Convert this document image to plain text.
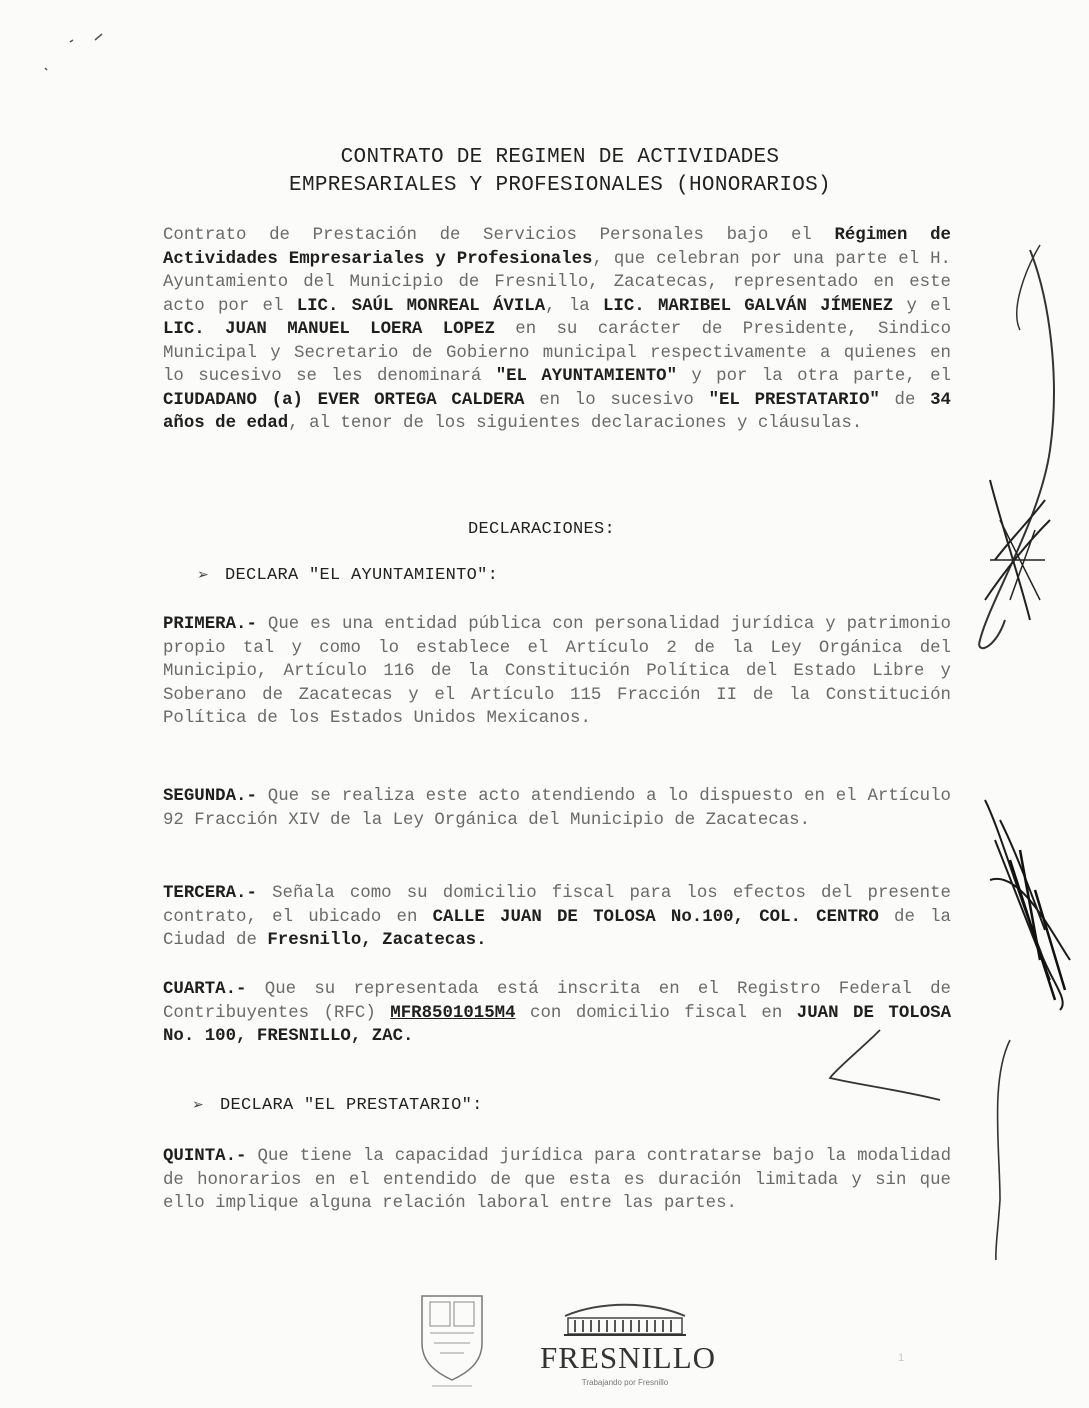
CONTRATO DE REGIMEN DE ACTIVIDADES
EMPRESARIALES Y PROFESIONALES (HONORARIOS)

Contrato de Prestación de Servicios Personales bajo el Régimen de Actividades Empresariales y Profesionales, que celebran por una parte el H. Ayuntamiento del Municipio de Fresnillo, Zacatecas, representado en este acto por el LIC. SAÚL MONREAL ÁVILA, la LIC. MARIBEL GALVÁN JÍMENEZ y el LIC. JUAN MANUEL LOERA LOPEZ en su carácter de Presidente, Sindico Municipal y Secretario de Gobierno municipal respectivamente a quienes en lo sucesivo se les denominará "EL AYUNTAMIENTO" y por la otra parte, el CIUDADANO (a) EVER ORTEGA CALDERA en lo sucesivo "EL PRESTATARIO" de 34 años de edad, al tenor de los siguientes declaraciones y cláusulas.

DECLARACIONES:
➢ DECLARA "EL AYUNTAMIENTO":

PRIMERA.- Que es una entidad pública con personalidad jurídica y patrimonio propio tal y como lo establece el Artículo 2 de la Ley Orgánica del Municipio, Artículo 116 de la Constitución Política del Estado Libre y Soberano de Zacatecas y el Artículo 115 Fracción II de la Constitución Política de los Estados Unidos Mexicanos.

SEGUNDA.- Que se realiza este acto atendiendo a lo dispuesto en el Artículo 92 Fracción XIV de la Ley Orgánica del Municipio de Zacatecas.

TERCERA.- Señala como su domicilio fiscal para los efectos del presente contrato, el ubicado en CALLE JUAN DE TOLOSA No.100, COL. CENTRO de la Ciudad de Fresnillo, Zacatecas.

CUARTA.- Que su representada está inscrita en el Registro Federal de Contribuyentes (RFC) MFR8501015M4 con domicilio fiscal en JUAN DE TOLOSA No. 100, FRESNILLO, ZAC.

➢ DECLARA "EL PRESTATARIO":

QUINTA.- Que tiene la capacidad jurídica para contratarse bajo la modalidad de honorarios en el entendido de que esta es duración limitada y sin que ello implique alguna relación laboral entre las partes.

FRESNILLO
Trabajando por Fresnillo
1
